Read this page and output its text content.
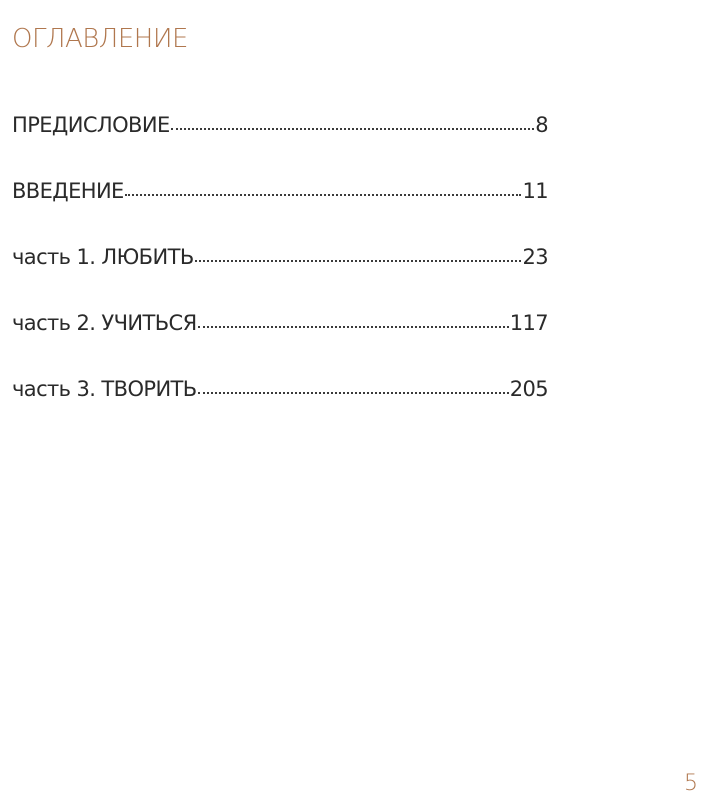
ОГЛАВЛЕНИЕ
ПРЕДИСЛОВИЕ	8
ВВЕДЕНИЕ	11
часть 1. ЛЮБИТЬ	23
часть 2. УЧИТЬСЯ	117
часть 3. ТВОРИТЬ	205
5
